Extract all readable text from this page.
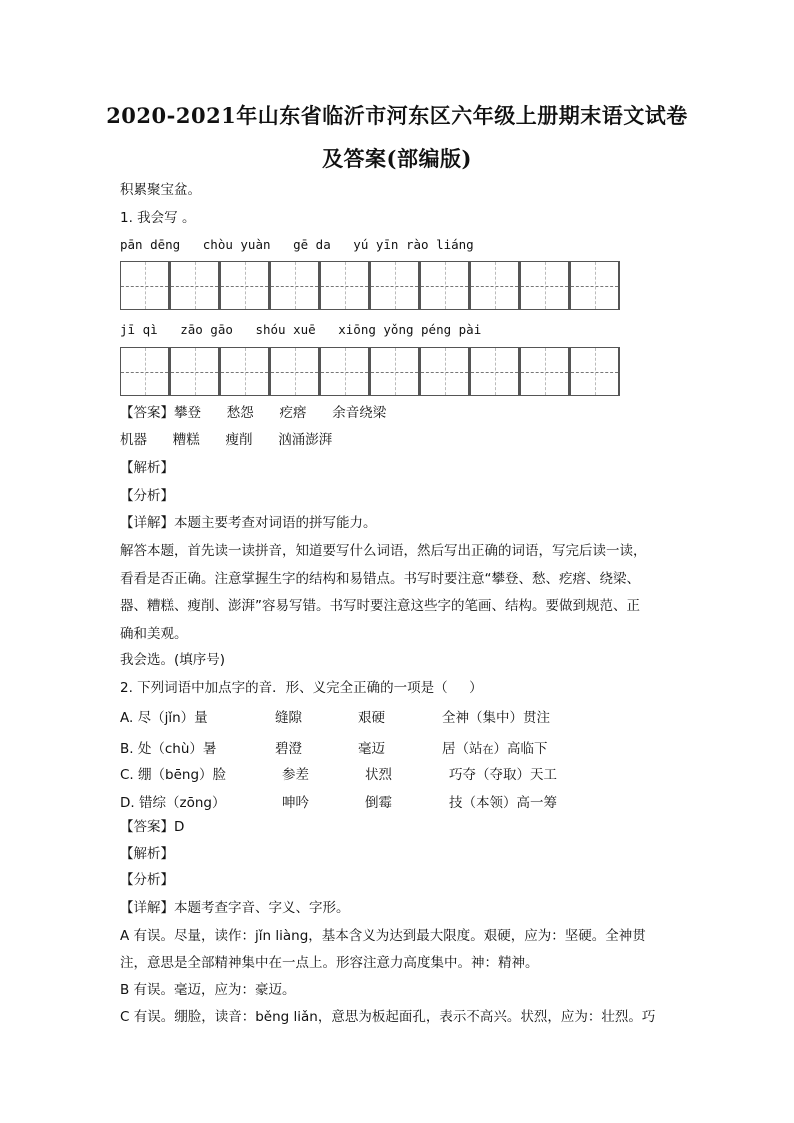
2020-2021年山东省临沂市河东区六年级上册期末语文试卷
及答案(部编版)
积累聚宝盆。
1. 我会写 。
pān dēng   chòu yuàn   gē da   yú yīn rào liáng
jī qì   zāo gāo   shóu xuē   xiōng yǒng péng pài
【答案】攀登      愁怨      疙瘩      余音绕梁
机器      糟糕      瘦削      汹涌澎湃
【解析】
【分析】
【详解】本题主要考查对词语的拼写能力。
解答本题，首先读一读拼音，知道要写什么词语，然后写出正确的词语，写完后读一读，
看看是否正确。注意掌握生字的结构和易错点。书写时要注意“攀登、愁、疙瘩、绕梁、
器、糟糕、瘦削、澎湃”容易写错。书写时要注意这些字的笔画、结构。要做到规范、正
确和美观。
我会选。(填序号)
2. 下列词语中加点字的音．形、义完全正确的一项是（     ）

A. 尽（jǐn）量

	缝隙

	艰硬

	全神（集中）贯注

B. 处（chù）暑

	碧澄

	毫迈

	居（站在）高临下

C. 绷（bēng）脸

	参差

	状烈

	巧夺（夺取）天工

D. 错综（zōng）

	呻吟

	倒霉

	技（本领）高一筹

【答案】D
【解析】
【分析】
【详解】本题考查字音、字义、字形。
A 有误。尽量，读作：jǐn liàng，基本含义为达到最大限度。艰硬，应为：坚硬。全神贯
注，意思是全部精神集中在一点上。形容注意力高度集中。神：精神。
B 有误。毫迈，应为：豪迈。
C 有误。绷脸，读音：běng liǎn，意思为板起面孔，表示不高兴。状烈，应为：壮烈。巧
